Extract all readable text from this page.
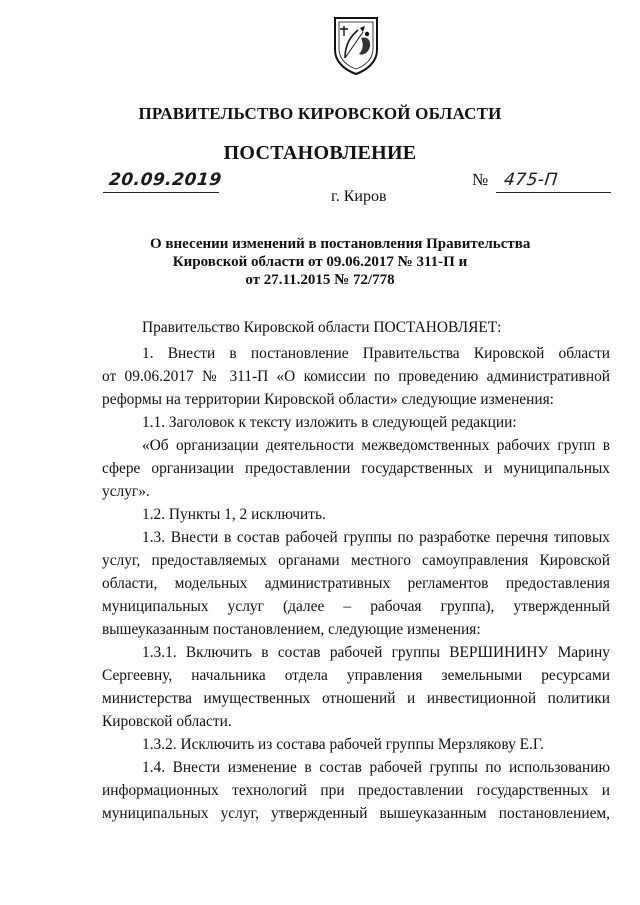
ПРАВИТЕЛЬСТВО КИРОВСКОЙ ОБЛАСТИ
ПОСТАНОВЛЕНИЕ
20.09.2019	№ 475-П
г. Киров
О внесении изменений в постановления Правительства
Кировской области от 09.06.2017 № 311-П и
от 27.11.2015 № 72/778
Правительство Кировской области ПОСТАНОВЛЯЕТ:
1. Внести в постановление Правительства Кировской области
от 09.06.2017 № 311-П «О комиссии по проведению административной
реформы на территории Кировской области» следующие изменения:
1.1. Заголовок к тексту изложить в следующей редакции:
«Об организации деятельности межведомственных рабочих групп в
сфере организации предоставлении государственных и муниципальных
услуг».
1.2. Пункты 1, 2 исключить.
1.3. Внести в состав рабочей группы по разработке перечня типовых
услуг, предоставляемых органами местного самоуправления Кировской
области, модельных административных регламентов предоставления
муниципальных услуг (далее – рабочая группа), утвержденный
вышеуказанным постановлением, следующие изменения:
1.3.1. Включить в состав рабочей группы ВЕРШИНИНУ Марину
Сергеевну, начальника отдела управления земельными ресурсами
министерства имущественных отношений и инвестиционной политики
Кировской области.
1.3.2. Исключить из состава рабочей группы Мерзлякову Е.Г.
1.4. Внести изменение в состав рабочей группы по использованию
информационных технологий при предоставлении государственных и
муниципальных услуг, утвержденный вышеуказанным постановлением,
